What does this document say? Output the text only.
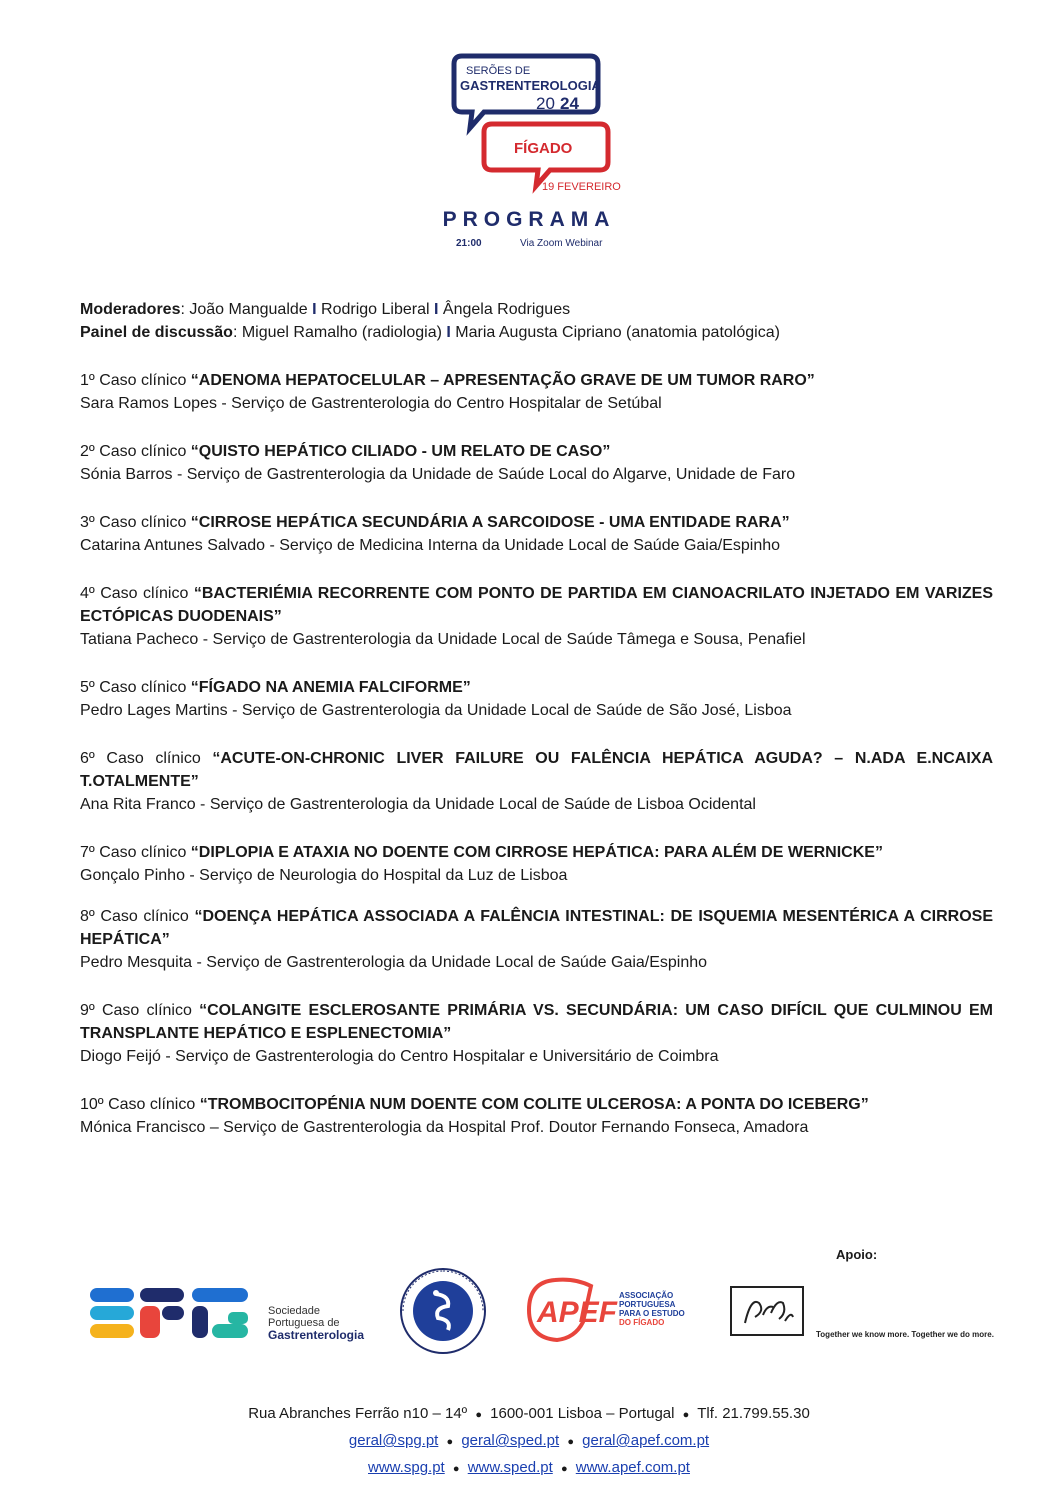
SERÕES DE
GASTRENTEROLOGIA
20 24
FÍGADO
19 FEVEREIRO
PROGRAMA
21:00	Via Zoom Webinar

Moderadores: João Mangualde I Rodrigo Liberal I Ângela Rodrigues

Painel de discussão: Miguel Ramalho (radiologia) I Maria Augusta Cipriano (anatomia patológica)

1º Caso clínico “ADENOMA HEPATOCELULAR – APRESENTAÇÃO GRAVE DE UM TUMOR RARO”

Sara Ramos Lopes - Serviço de Gastrenterologia do Centro Hospitalar de Setúbal

2º Caso clínico “QUISTO HEPÁTICO CILIADO - UM RELATO DE CASO”

Sónia Barros - Serviço de Gastrenterologia da Unidade de Saúde Local do Algarve, Unidade de Faro

3º Caso clínico “CIRROSE HEPÁTICA SECUNDÁRIA A SARCOIDOSE - UMA ENTIDADE RARA”

Catarina Antunes Salvado - Serviço de Medicina Interna da Unidade Local de Saúde Gaia/Espinho

4º Caso clínico “BACTERIÉMIA RECORRENTE COM PONTO DE PARTIDA EM CIANOACRILATO INJETADO EM VARIZES ECTÓPICAS DUODENAIS”

Tatiana Pacheco - Serviço de Gastrenterologia da Unidade Local de Saúde Tâmega e Sousa, Penafiel

5º Caso clínico “FÍGADO NA ANEMIA FALCIFORME”

Pedro Lages Martins - Serviço de Gastrenterologia da Unidade Local de Saúde de São José, Lisboa

6º Caso clínico “ACUTE-ON-CHRONIC LIVER FAILURE OU FALÊNCIA HEPÁTICA AGUDA? – N.ADA E.NCAIXA T.OTALMENTE”

Ana Rita Franco - Serviço de Gastrenterologia da Unidade Local de Saúde de Lisboa Ocidental

7º Caso clínico “DIPLOPIA E ATAXIA NO DOENTE COM CIRROSE HEPÁTICA: PARA ALÉM DE WERNICKE”

Gonçalo Pinho - Serviço de Neurologia do Hospital da Luz de Lisboa

8º Caso clínico “DOENÇA HEPÁTICA ASSOCIADA A FALÊNCIA INTESTINAL: DE ISQUEMIA MESENTÉRICA A CIRROSE HEPÁTICA”

Pedro Mesquita - Serviço de Gastrenterologia da Unidade Local de Saúde Gaia/Espinho

9º Caso clínico “COLANGITE ESCLEROSANTE PRIMÁRIA VS. SECUNDÁRIA: UM CASO DIFÍCIL QUE CULMINOU EM TRANSPLANTE HEPÁTICO E ESPLENECTOMIA”

Diogo Feijó - Serviço de Gastrenterologia do Centro Hospitalar e Universitário de Coimbra

10º Caso clínico “TROMBOCITOPÉNIA NUM DOENTE COM COLITE ULCEROSA: A PONTA DO ICEBERG”

Mónica Francisco – Serviço de Gastrenterologia da Hospital Prof. Doutor Fernando Fonseca, Amadora

Apoio:
Sociedade
Portuguesa de
Gastrenterologia
APEF
ASSOCIAÇÃO
PORTUGUESA
PARA O ESTUDO
DO FÍGADO
Together we know more. Together we do more.
Rua Abranches Ferrão n10 – 14º ● 1600-001 Lisboa – Portugal ● Tlf. 21.799.55.30
geral@spg.pt ● geral@sped.pt ● geral@apef.com.pt
www.spg.pt ● www.sped.pt ● www.apef.com.pt
